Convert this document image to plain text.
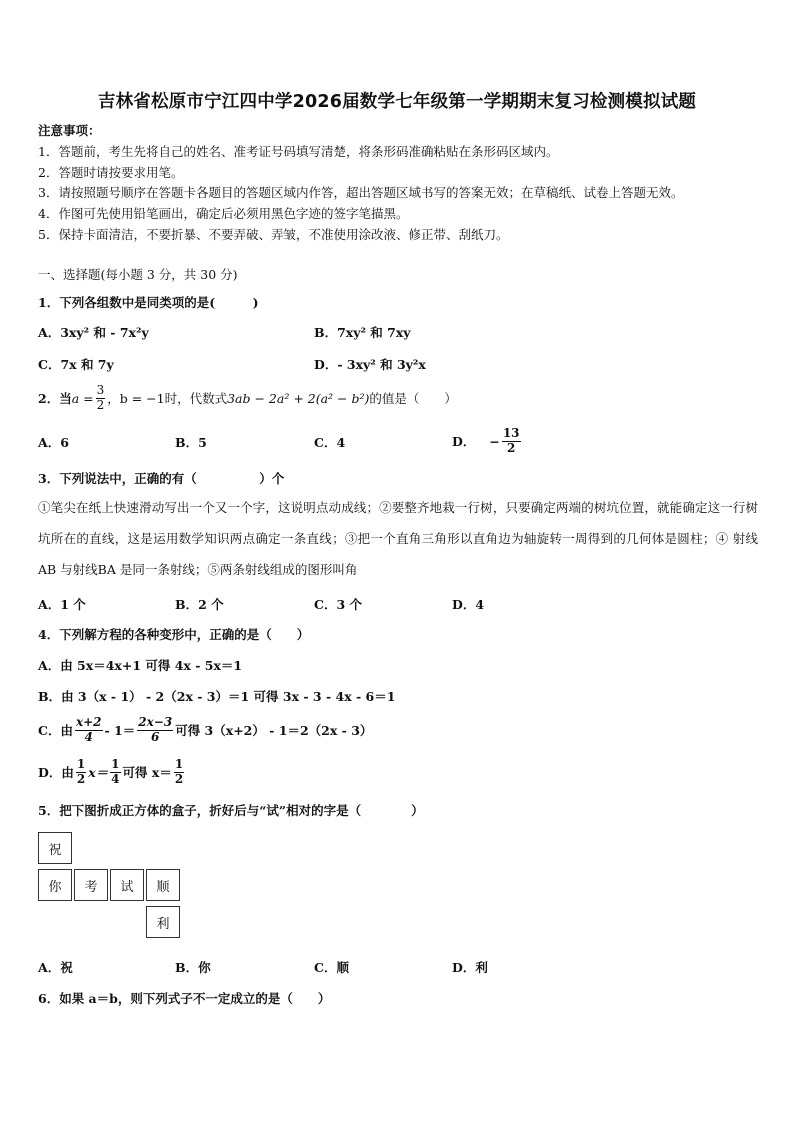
吉林省松原市宁江四中学2026届数学七年级第一学期期末复习检测模拟试题
注意事项：
1．答题前，考生先将自己的姓名、准考证号码填写清楚，将条形码准确粘贴在条形码区域内。
2．答题时请按要求用笔。
3．请按照题号顺序在答题卡各题目的答题区域内作答，超出答题区域书写的答案无效；在草稿纸、试卷上答题无效。
4．作图可先使用铅笔画出，确定后必须用黑色字迹的签字笔描黑。
5．保持卡面清洁，不要折暴、不要弄破、弄皱，不准使用涂改液、修正带、刮纸刀。
一、选择题(每小题 3 分，共 30 分)
1．下列各组数中是同类项的是(　　　)
A．3xy² 和 - 7x²y	B．7xy² 和 7xy
C．7x 和 7y	D．- 3xy² 和 3y²x
2．当 $a = \frac{3}{2}$ ，b = −1时，代数式 3ab − 2a² + 2(a² − b²) 的值是（　　）
A．6	B．5	C．4	D． − $\frac{13}{2}$
3．下列说法中，正确的有（　　　　　）个
①笔尖在纸上快速滑动写出一个又一个字，这说明点动成线；②要整齐地栽一行树，只要确定两端的树坑位置，就能确定这一行树坑所在的直线，这是运用数学知识两点确定一条直线；③把一个直角三角形以直角边为轴旋转一周得到的几何体是圆柱；④ 射线 AB 与射线BA 是同一条射线；⑤两条射线组成的图形叫角
A．1 个	B．2 个	C．3 个	D．4
4．下列解方程的各种变形中，正确的是（　　）
A．由 5x＝4x+1 可得 4x - 5x＝1
B．由 3（x - 1） - 2（2x - 3）＝1 可得 3x - 3 - 4x - 6＝1
C．由 $\frac{x+2}{4} - 1= \frac{2x-3}{6}$ 可得 3（x+2） - 1＝2（2x - 3）
D．由 $\frac{1}{2} x= \frac{1}{4}$ 可得 $x= \frac{1}{2}$
5．把下图折成正方体的盒子，折好后与“试”相对的字是（　　　　）
祝
你	考	试	顺
利
A．祝	B．你	C．顺	D．利
6．如果 a＝b，则下列式子不一定成立的是（　　）
